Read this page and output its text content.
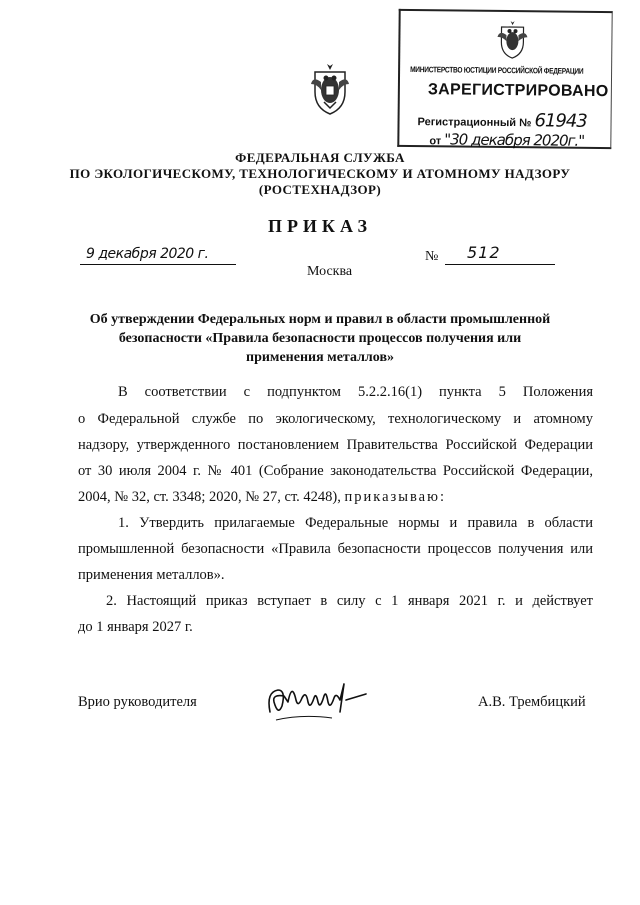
МИНИСТЕРСТВО ЮСТИЦИИ РОССИЙСКОЙ ФЕДЕРАЦИИ
ЗАРЕГИСТРИРОВАНО
Регистрационный № 61943
от "30 декабря 2020г."
ФЕДЕРАЛЬНАЯ СЛУЖБА
ПО ЭКОЛОГИЧЕСКОМУ, ТЕХНОЛОГИЧЕСКОМУ И АТОМНОМУ НАДЗОРУ
(РОСТЕХНАДЗОР)
ПРИКАЗ
9 декабря 2020 г.
Москва
№ 512
Об утверждении Федеральных норм и правил в области промышленной
безопасности «Правила безопасности процессов получения или
применения металлов»
В соответствии с подпунктом 5.2.2.16(1) пункта 5 Положения
о Федеральной службе по экологическому, технологическому и атомному
надзору, утвержденного постановлением Правительства Российской Федерации
от 30 июля 2004 г. № 401 (Собрание законодательства Российской Федерации,
2004, № 32, ст. 3348; 2020, № 27, ст. 4248), приказываю:
1. Утвердить прилагаемые Федеральные нормы и правила в области
промышленной безопасности «Правила безопасности процессов получения или
применения металлов».
2. Настоящий приказ вступает в силу с 1 января 2021 г. и действует
до 1 января 2027 г.
Врио руководителя	А.В. Трембицкий
